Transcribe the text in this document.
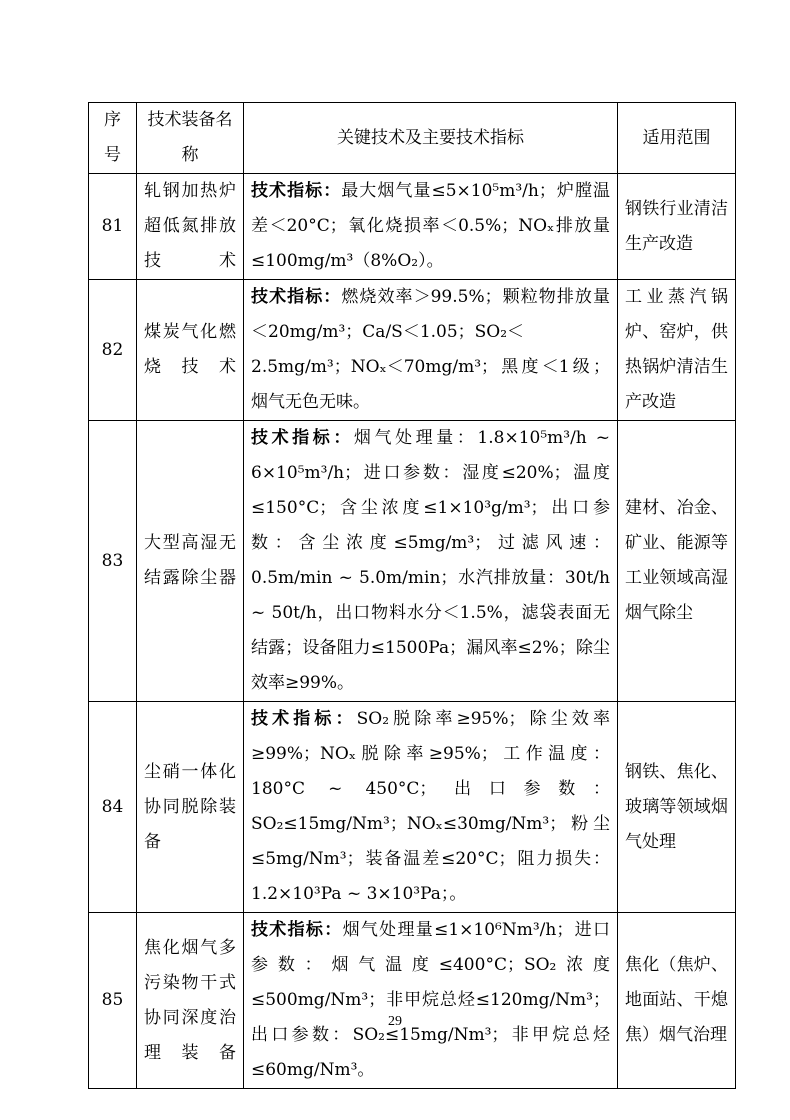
序号	技术装备名称	关键技术及主要技术指标	适用范围
81	轧钢加热炉超低氮排放技术	技术指标：最大烟气量≤5×10⁵m³/h；炉膛温差＜20°C；氧化烧损率＜0.5%；NOₓ排放量≤100mg/m³（8%O₂）。	钢铁行业清洁生产改造
82	煤炭气化燃烧技术	技术指标：燃烧效率＞99.5%；颗粒物排放量＜20mg/m³；Ca/S＜1.05；SO₂＜2.5mg/m³；NOₓ＜70mg/m³；黑度＜1级；烟气无色无味。	工业蒸汽锅炉、窑炉，供热锅炉清洁生产改造
83	大型高湿无结露除尘器	技术指标：烟气处理量：1.8×10⁵m³/h ~ 6×10⁵m³/h；进口参数：湿度≤20%；温度≤150°C；含尘浓度≤1×10³g/m³；出口参数：含尘浓度≤5mg/m³；过滤风速：0.5m/min ~ 5.0m/min；水汽排放量：30t/h ~ 50t/h，出口物料水分＜1.5%，滤袋表面无结露；设备阻力≤1500Pa；漏风率≤2%；除尘效率≥99%。	建材、冶金、矿业、能源等工业领域高湿烟气除尘
84	尘硝一体化协同脱除装备	技术指标：SO₂脱除率≥95%；除尘效率≥99%；NOₓ脱除率≥95%；工作温度：180°C ~ 450°C；出口参数：SO₂≤15mg/Nm³；NOₓ≤30mg/Nm³；粉尘≤5mg/Nm³；装备温差≤20°C；阻力损失：1.2×10³Pa ~ 3×10³Pa；。	钢铁、焦化、玻璃等领域烟气处理
85	焦化烟气多污染物干式协同深度治理装备	技术指标：烟气处理量≤1×10⁶Nm³/h；进口参数：烟气温度≤400°C；SO₂浓度≤500mg/Nm³；非甲烷总烃≤120mg/Nm³；出口参数：SO₂≤15mg/Nm³；非甲烷总烃≤60mg/Nm³。	焦化（焦炉、地面站、干熄焦）烟气治理
29
